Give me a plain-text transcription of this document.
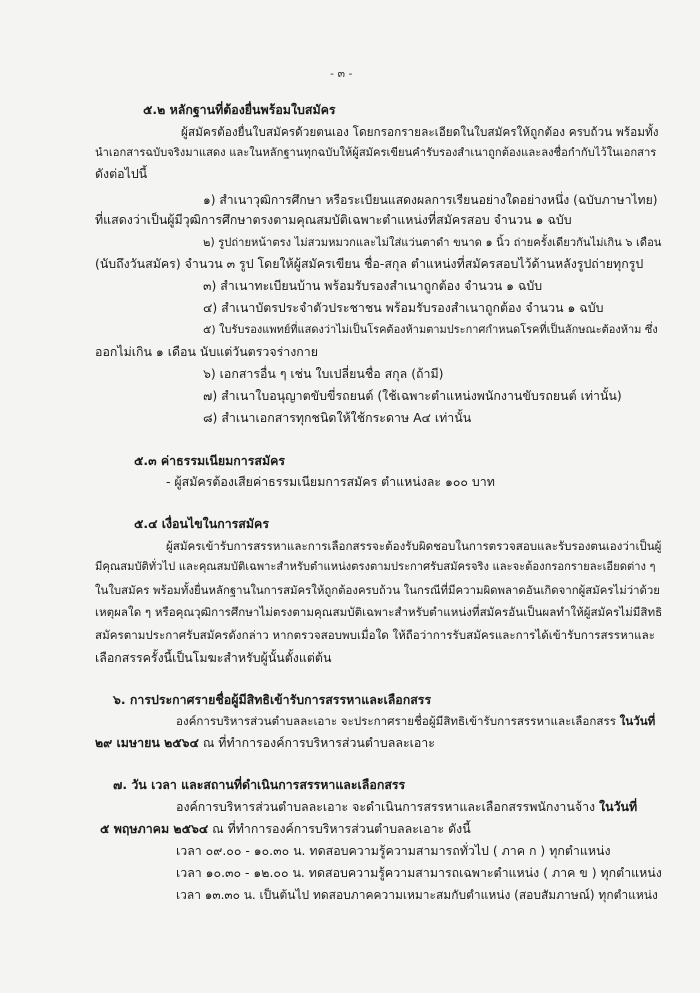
- ๓ -
๕.๒ หลักฐานที่ต้องยื่นพร้อมใบสมัคร
ผู้สมัครต้องยื่นใบสมัครด้วยตนเอง โดยกรอกรายละเอียดในใบสมัครให้ถูกต้อง ครบถ้วน พร้อมทั้ง
นำเอกสารฉบับจริงมาแสดง และในหลักฐานทุกฉบับให้ผู้สมัครเขียนคำรับรองสำเนาถูกต้องและลงชื่อกำกับไว้ในเอกสาร
ดังต่อไปนี้
๑) สำเนาวุฒิการศึกษา หรือระเบียนแสดงผลการเรียนอย่างใดอย่างหนึ่ง (ฉบับภาษาไทย)
ที่แสดงว่าเป็นผู้มีวุฒิการศึกษาตรงตามคุณสมบัติเฉพาะตำแหน่งที่สมัครสอบ จำนวน ๑ ฉบับ
๒) รูปถ่ายหน้าตรง ไม่สวมหมวกและไม่ใส่แว่นตาดำ ขนาด ๑ นิ้ว ถ่ายครั้งเดียวกันไม่เกิน ๖ เดือน
(นับถึงวันสมัคร) จำนวน ๓ รูป โดยให้ผู้สมัครเขียน ชื่อ-สกุล ตำแหน่งที่สมัครสอบไว้ด้านหลังรูปถ่ายทุกรูป
๓) สำเนาทะเบียนบ้าน พร้อมรับรองสำเนาถูกต้อง จำนวน ๑ ฉบับ
๔) สำเนาบัตรประจำตัวประชาชน พร้อมรับรองสำเนาถูกต้อง จำนวน ๑ ฉบับ
๕) ใบรับรองแพทย์ที่แสดงว่าไม่เป็นโรคต้องห้ามตามประกาศกำหนดโรคที่เป็นลักษณะต้องห้าม ซึ่ง
ออกไม่เกิน ๑ เดือน นับแต่วันตรวจร่างกาย
๖) เอกสารอื่น ๆ เช่น ใบเปลี่ยนชื่อ สกุล (ถ้ามี)
๗) สำเนาใบอนุญาตขับขี่รถยนต์ (ใช้เฉพาะตำแหน่งพนักงานขับรถยนต์ เท่านั้น)
๘) สำเนาเอกสารทุกชนิดให้ใช้กระดาษ A๔ เท่านั้น
๕.๓ ค่าธรรมเนียมการสมัคร
- ผู้สมัครต้องเสียค่าธรรมเนียมการสมัคร ตำแหน่งละ ๑๐๐ บาท
๕.๔ เงื่อนไขในการสมัคร
ผู้สมัครเข้ารับการสรรหาและการเลือกสรรจะต้องรับผิดชอบในการตรวจสอบและรับรองตนเองว่าเป็นผู้
มีคุณสมบัติทั่วไป และคุณสมบัติเฉพาะสำหรับตำแหน่งตรงตามประกาศรับสมัครจริง และจะต้องกรอกรายละเอียดต่าง ๆ
ในใบสมัคร พร้อมทั้งยื่นหลักฐานในการสมัครให้ถูกต้องครบถ้วน ในกรณีที่มีความผิดพลาดอันเกิดจากผู้สมัครไม่ว่าด้วย
เหตุผลใด ๆ หรือคุณวุฒิการศึกษาไม่ตรงตามคุณสมบัติเฉพาะสำหรับตำแหน่งที่สมัครอันเป็นผลทำให้ผู้สมัครไม่มีสิทธิ
สมัครตามประกาศรับสมัครดังกล่าว หากตรวจสอบพบเมื่อใด ให้ถือว่าการรับสมัครและการได้เข้ารับการสรรหาและ
เลือกสรรครั้งนี้เป็นโมฆะสำหรับผู้นั้นตั้งแต่ต้น
๖. การประกาศรายชื่อผู้มีสิทธิเข้ารับการสรรหาและเลือกสรร
องค์การบริหารส่วนตำบลละเอาะ จะประกาศรายชื่อผู้มีสิทธิเข้ารับการสรรหาและเลือกสรร ในวันที่
๒๙ เมษายน ๒๕๖๔ ณ ที่ทำการองค์การบริหารส่วนตำบลละเอาะ
๗. วัน เวลา และสถานที่ดำเนินการสรรหาและเลือกสรร
องค์การบริหารส่วนตำบลละเอาะ จะดำเนินการสรรหาและเลือกสรรพนักงานจ้าง ในวันที่
๕ พฤษภาคม ๒๕๖๔ ณ ที่ทำการองค์การบริหารส่วนตำบลละเอาะ ดังนี้
เวลา ๐๙.๐๐ - ๑๐.๓๐ น. ทดสอบความรู้ความสามารถทั่วไป ( ภาค ก ) ทุกตำแหน่ง
เวลา ๑๐.๓๐ - ๑๒.๐๐ น. ทดสอบความรู้ความสามารถเฉพาะตำแหน่ง ( ภาค ข ) ทุกตำแหน่ง
เวลา ๑๓.๓๐ น. เป็นต้นไป ทดสอบภาคความเหมาะสมกับตำแหน่ง (สอบสัมภาษณ์) ทุกตำแหน่ง
